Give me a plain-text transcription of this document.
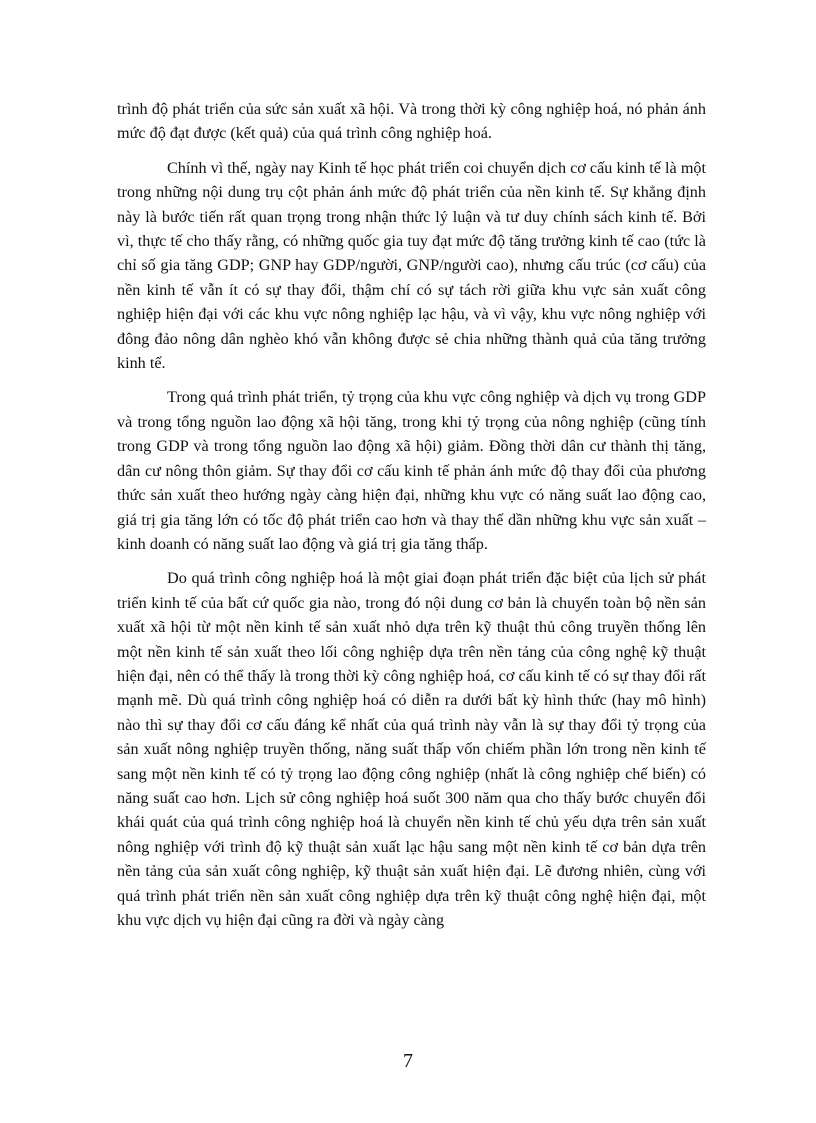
trình độ phát triển của sức sản xuất xã hội. Và trong thời kỳ công nghiệp hoá, nó phản ánh mức độ đạt được (kết quả) của quá trình công nghiệp hoá.

Chính vì thế, ngày nay Kinh tế học phát triển coi chuyển dịch cơ cấu kinh tế là một trong những nội dung trụ cột phản ánh mức độ phát triển của nền kinh tế. Sự khẳng định này là bước tiến rất quan trọng trong nhận thức lý luận và tư duy chính sách kinh tế. Bởi vì, thực tế cho thấy rằng, có những quốc gia tuy đạt mức độ tăng trưởng kinh tế cao (tức là chỉ số gia tăng GDP; GNP hay GDP/người, GNP/người cao), nhưng cấu trúc (cơ cấu) của nền kinh tế vẫn ít có sự thay đổi, thậm chí có sự tách rời giữa khu vực sản xuất công nghiệp hiện đại với các khu vực nông nghiệp lạc hậu, và vì vậy, khu vực nông nghiệp với đông đảo nông dân nghèo khó vẫn không được sẻ chia những thành quả của tăng trưởng kinh tế.

Trong quá trình phát triển, tỷ trọng của khu vực công nghiệp và dịch vụ trong GDP và trong tổng nguồn lao động xã hội tăng, trong khi tỷ trọng của nông nghiệp (cũng tính trong GDP và trong tổng nguồn lao động xã hội) giảm. Đồng thời dân cư thành thị tăng, dân cư nông thôn giảm. Sự thay đổi cơ cấu kinh tế phản ánh mức độ thay đổi của phương thức sản xuất theo hướng ngày càng hiện đại, những khu vực có năng suất lao động cao, giá trị gia tăng lớn có tốc độ phát triển cao hơn và thay thế dần những khu vực sản xuất – kinh doanh có năng suất lao động và giá trị gia tăng thấp.

Do quá trình công nghiệp hoá là một giai đoạn phát triển đặc biệt của lịch sử phát triển kinh tế của bất cứ quốc gia nào, trong đó nội dung cơ bản là chuyển toàn bộ nền sản xuất xã hội từ một nền kinh tế sản xuất nhỏ dựa trên kỹ thuật thủ công truyền thống lên một nền kinh tế sản xuất theo lối công nghiệp dựa trên nền tảng của công nghệ kỹ thuật hiện đại, nên có thể thấy là trong thời kỳ công nghiệp hoá, cơ cấu kinh tế có sự thay đổi rất mạnh mẽ. Dù quá trình công nghiệp hoá có diễn ra dưới bất kỳ hình thức (hay mô hình) nào thì sự thay đổi cơ cấu đáng kể nhất của quá trình này vẫn là sự thay đổi tỷ trọng của sản xuất nông nghiệp truyền thống, năng suất thấp vốn chiếm phần lớn trong nền kinh tế sang một nền kinh tế có tỷ trọng lao động công nghiệp (nhất là công nghiệp chế biến) có năng suất cao hơn. Lịch sử công nghiệp hoá suốt 300 năm qua cho thấy bước chuyển đổi khái quát của quá trình công nghiệp hoá là chuyển nền kinh tế chủ yếu dựa trên sản xuất nông nghiệp với trình độ kỹ thuật sản xuất lạc hậu sang một nền kinh tế cơ bản dựa trên nền tảng của sản xuất công nghiệp, kỹ thuật sản xuất hiện đại. Lẽ đương nhiên, cùng với quá trình phát triển nền sản xuất công nghiệp dựa trên kỹ thuật công nghệ hiện đại, một khu vực dịch vụ hiện đại cũng ra đời và ngày càng

7
